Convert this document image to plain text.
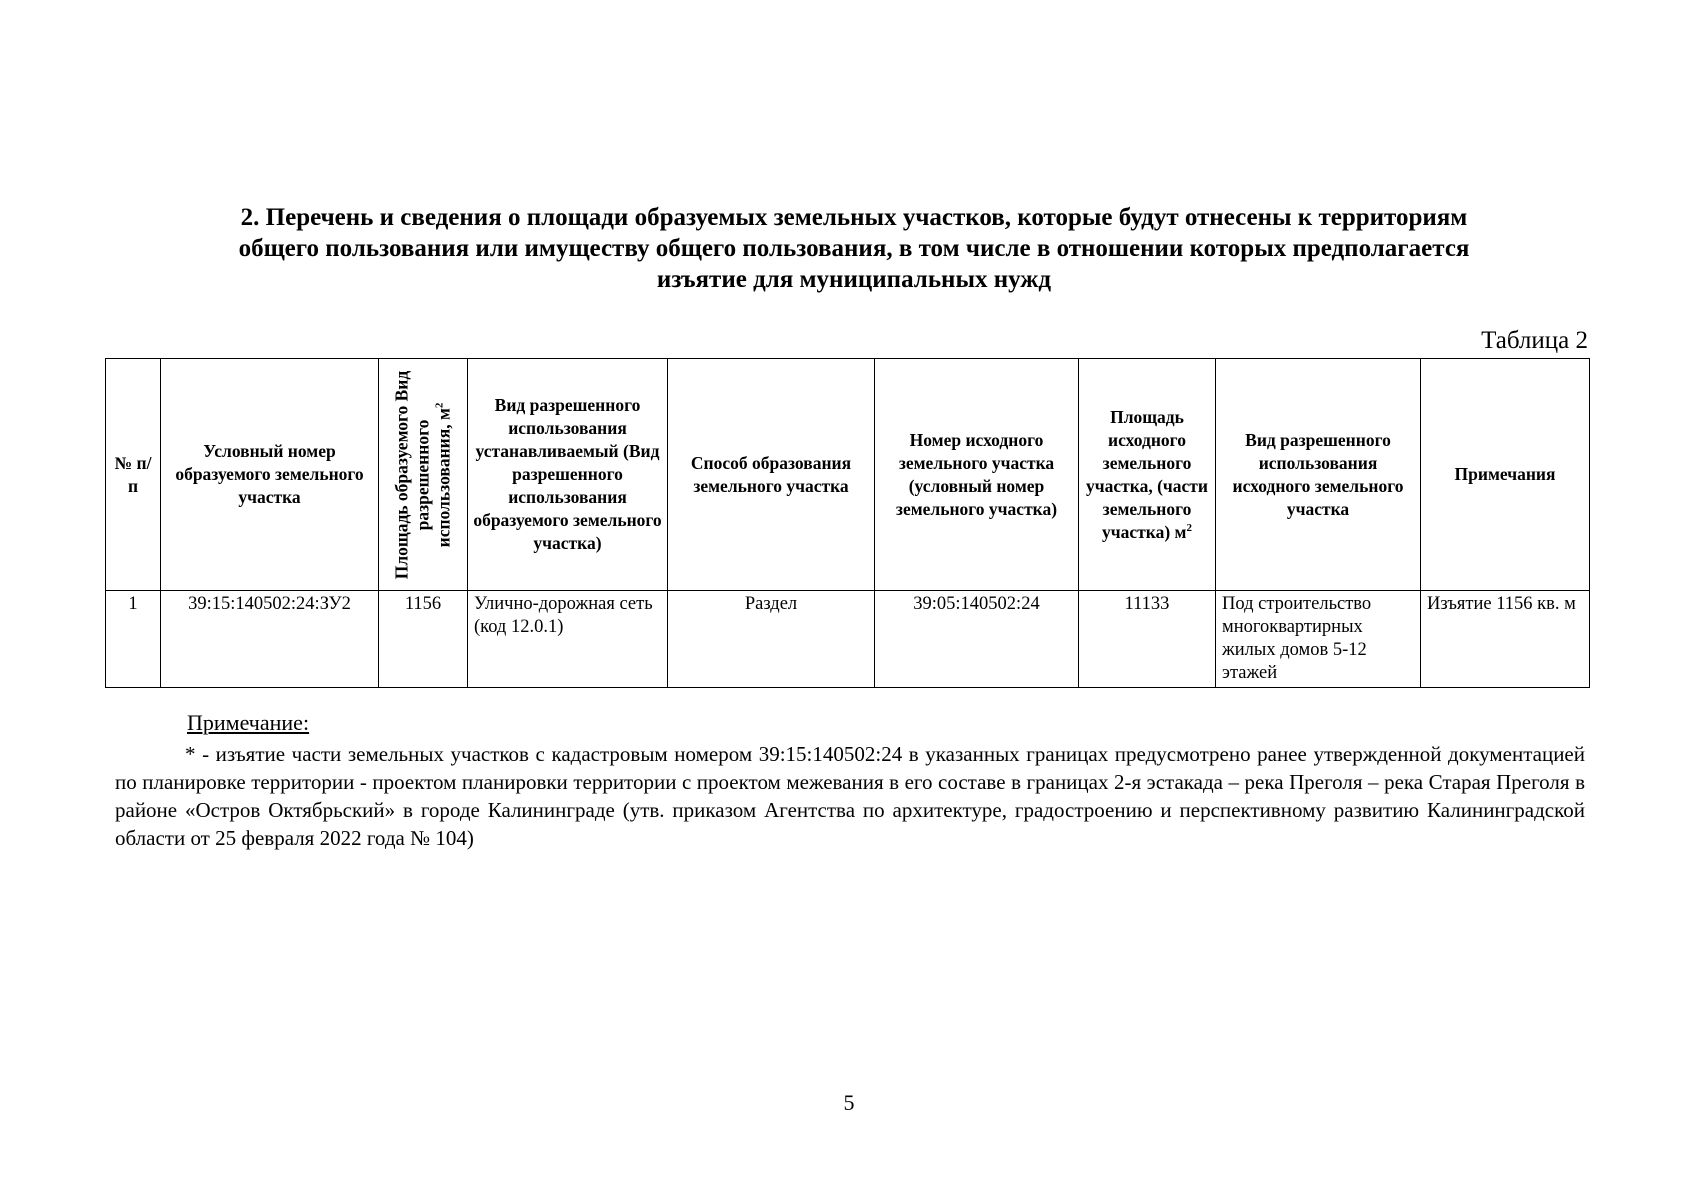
2. Перечень и сведения о площади образуемых земельных участков, которые будут отнесены к территориям
общего пользования или имуществу общего пользования, в том числе в отношении которых предполагается
изъятие для муниципальных нужд
Таблица 2
№ п/п	Условный номер образуемого земельного участка	Площадь образуемого Вид разрешенного использования, $м^2$	Вид разрешенного использования устанавливаемый (Вид разрешенного использования образуемого земельного участка)	Способ образования земельного участка	Номер исходного земельного участка (условный номер земельного участка)	Площадь исходного земельного участка, (части земельного участка) $м^2$	Вид разрешенного использования исходного земельного участка	Примечания
1	39:15:140502:24:ЗУ2	1156	Улично-дорожная сеть (код 12.0.1)	Раздел	39:05:140502:24	11133	Под строительство многоквартирных жилых домов 5-12 этажей	Изъятие 1156 кв. м
Примечание:
* - изъятие части земельных участков с кадастровым номером 39:15:140502:24 в указанных границах предусмотрено ранее утвержденной документацией по планировке территории - проектом планировки территории с проектом межевания в его составе в границах 2-я эстакада – река Преголя – река Старая Преголя в районе «Остров Октябрьский» в городе Калининграде (утв. приказом Агентства по архитектуре, градостроению и перспективному развитию Калининградской области от 25 февраля 2022 года № 104)
5
